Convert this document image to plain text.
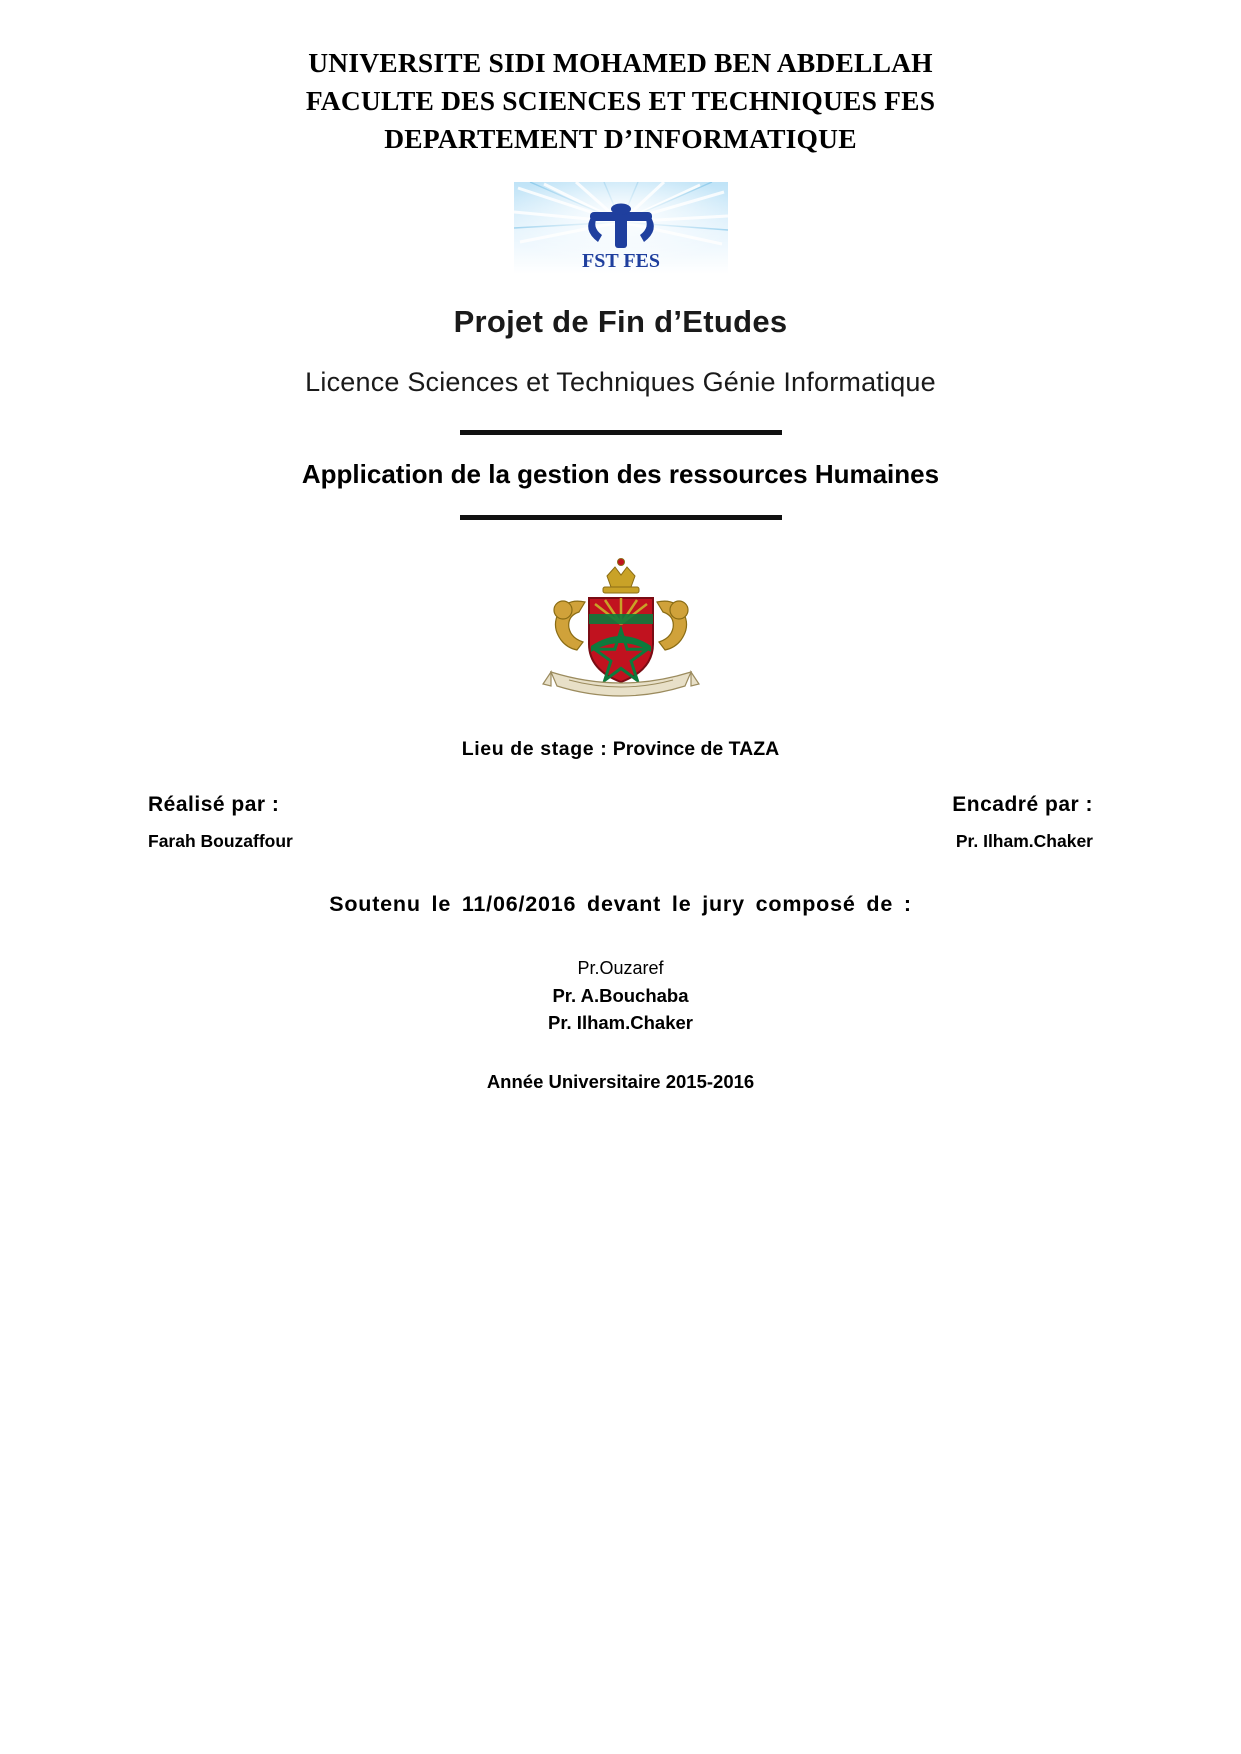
UNIVERSITE SIDI MOHAMED BEN ABDELLAH
FACULTE DES SCIENCES ET TECHNIQUES FES
DEPARTEMENT D’INFORMATIQUE
FST FES
Projet de Fin d’Etudes
Licence Sciences et Techniques Génie Informatique
Application de la gestion des ressources Humaines
Lieu de stage : Province de TAZA
Réalisé par :
Farah Bouzaffour
Encadré par :
Pr. Ilham.Chaker
Soutenu le 11/06/2016 devant le jury composé de :
Pr.Ouzaref
Pr. A.Bouchaba
Pr. Ilham.Chaker
Année Universitaire 2015-2016
